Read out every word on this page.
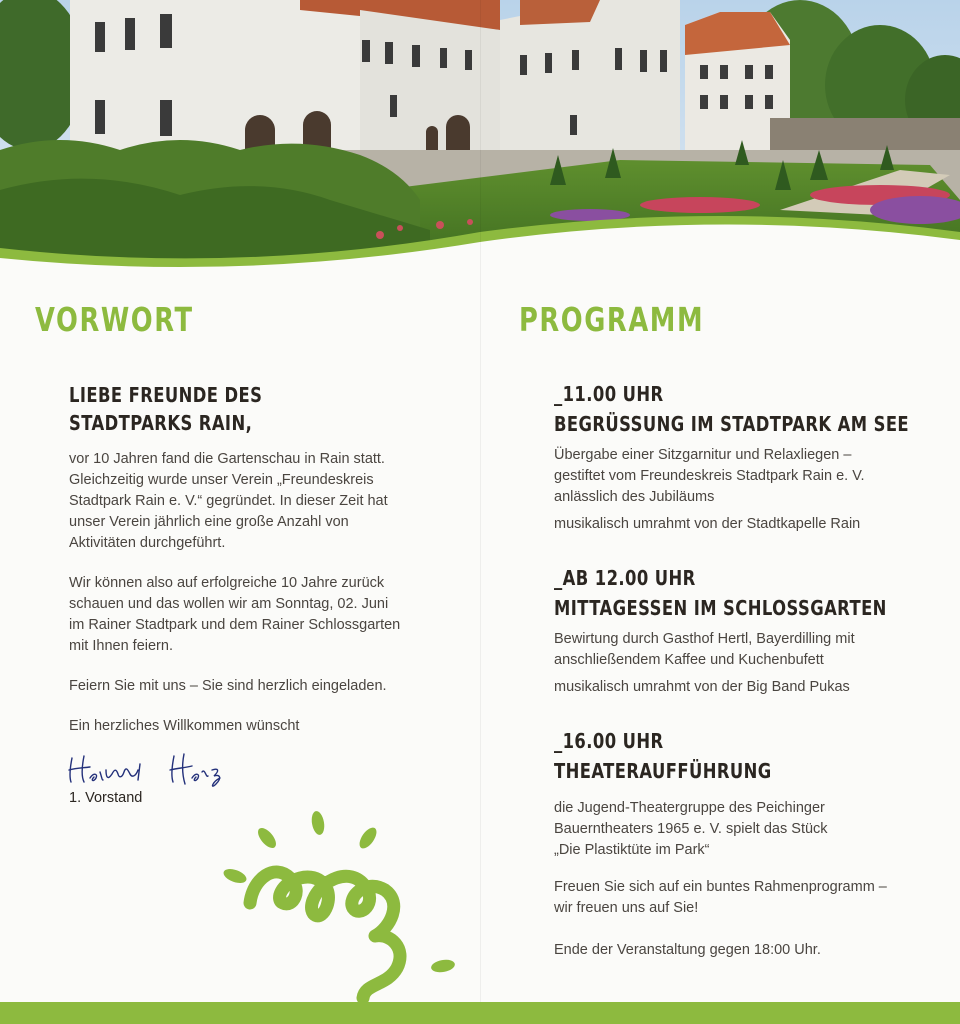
VORWORT
LIEBE FREUNDE DES
STADTPARKS RAIN,

vor 10 Jahren fand die Gartenschau in Rain statt.
Gleichzeitig wurde unser Verein „Freundeskreis
Stadtpark Rain e. V.“ gegründet. In dieser Zeit hat
unser Verein jährlich eine große Anzahl von
Aktivitäten durchgeführt.

Wir können also auf erfolgreiche 10 Jahre zurück
schauen und das wollen wir am Sonntag, 02. Juni
im Rainer Stadtpark und dem Rainer Schlossgarten
mit Ihnen feiern.

Feiern Sie mit uns – Sie sind herzlich eingeladen.

Ein herzliches Willkommen wünscht

1. Vorstand
PROGRAMM

_11.00 UHR

BEGRÜSSUNG IM STADTPARK AM SEE

Übergabe einer Sitzgarnitur und Relaxliegen –
gestiftet vom Freundeskreis Stadtpark Rain e. V.
anlässlich des Jubiläums

musikalisch umrahmt von der Stadtkapelle Rain

_AB 12.00 UHR

MITTAGESSEN IM SCHLOSSGARTEN

Bewirtung durch Gasthof Hertl, Bayerdilling mit
anschließendem Kaffee und Kuchenbufett

musikalisch umrahmt von der Big Band Pukas

_16.00 UHR

THEATERAUFFÜHRUNG

die Jugend-Theatergruppe des Peichinger
Bauerntheaters 1965 e. V. spielt das Stück
„Die Plastiktüte im Park“

Freuen Sie sich auf ein buntes Rahmenprogramm –
wir freuen uns auf Sie!

Ende der Veranstaltung gegen 18:00 Uhr.
